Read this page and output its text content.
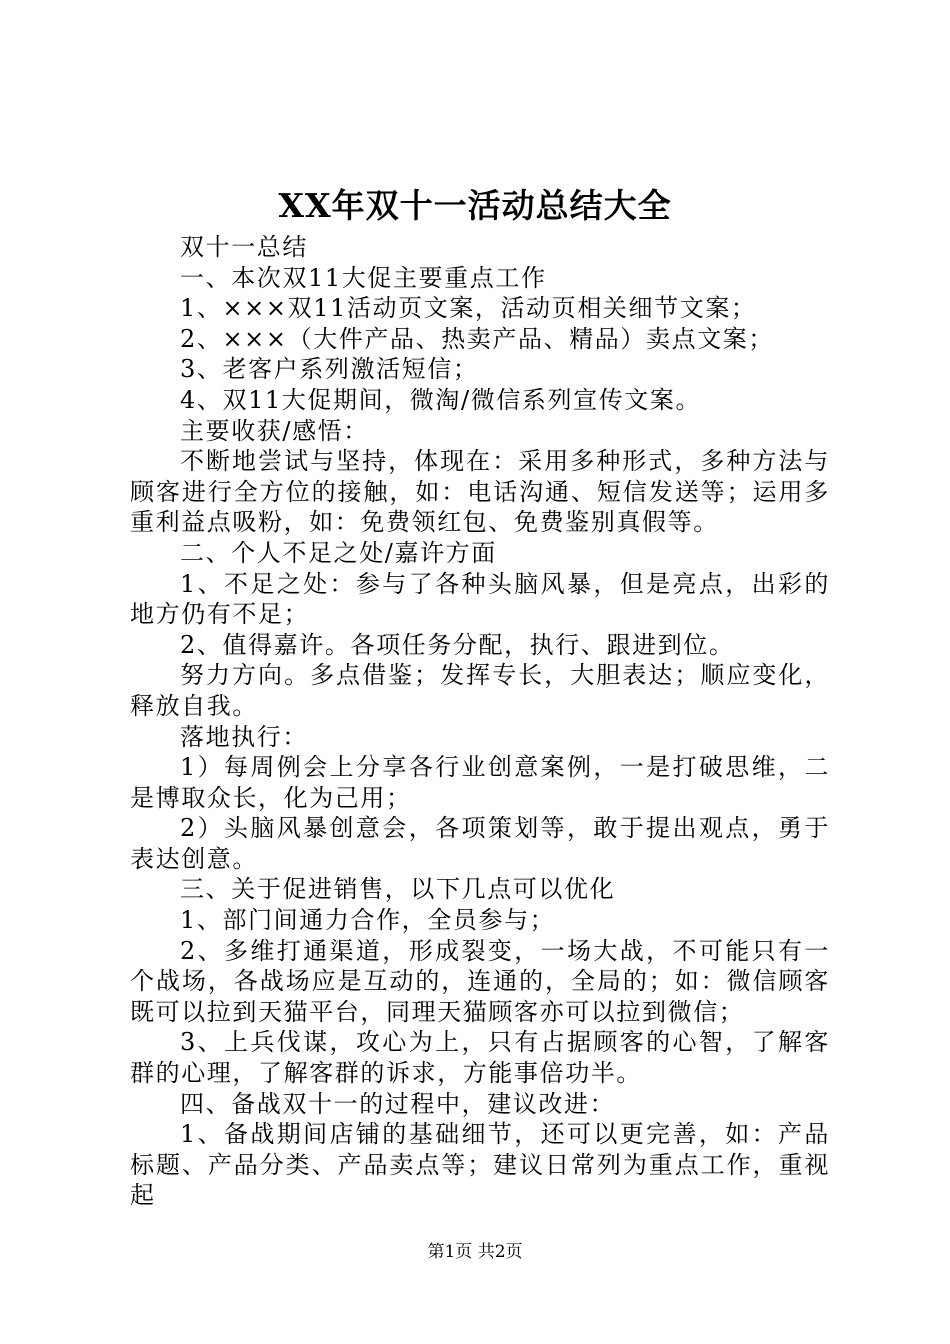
XX年双十一活动总结大全

双十一总结

一、本次双11大促主要重点工作

1、×××双11活动页文案，活动页相关细节文案；

2、×××（大件产品、热卖产品、精品）卖点文案；

3、老客户系列激活短信；

4、双11大促期间，微淘/微信系列宣传文案。

主要收获/感悟：

不断地尝试与坚持，体现在：采用多种形式，多种方法与顾客进行全方位的接触，如：电话沟通、短信发送等；运用多重利益点吸粉，如：免费领红包、免费鉴别真假等。

二、个人不足之处/嘉许方面

1、不足之处：参与了各种头脑风暴，但是亮点，出彩的地方仍有不足；

2、值得嘉许。各项任务分配，执行、跟进到位。

努力方向。多点借鉴；发挥专长，大胆表达；顺应变化，释放自我。

落地执行：

1）每周例会上分享各行业创意案例，一是打破思维，二是博取众长，化为己用；

2）头脑风暴创意会，各项策划等，敢于提出观点，勇于表达创意。

三、关于促进销售，以下几点可以优化

1、部门间通力合作，全员参与；

2、多维打通渠道，形成裂变，一场大战，不可能只有一个战场，各战场应是互动的，连通的，全局的；如：微信顾客既可以拉到天猫平台，同理天猫顾客亦可以拉到微信；

3、上兵伐谋，攻心为上，只有占据顾客的心智，了解客群的心理，了解客群的诉求，方能事倍功半。

四、备战双十一的过程中，建议改进：

1、备战期间店铺的基础细节，还可以更完善，如：产品标题、产品分类、产品卖点等；建议日常列为重点工作，重视起

第1页 共2页
